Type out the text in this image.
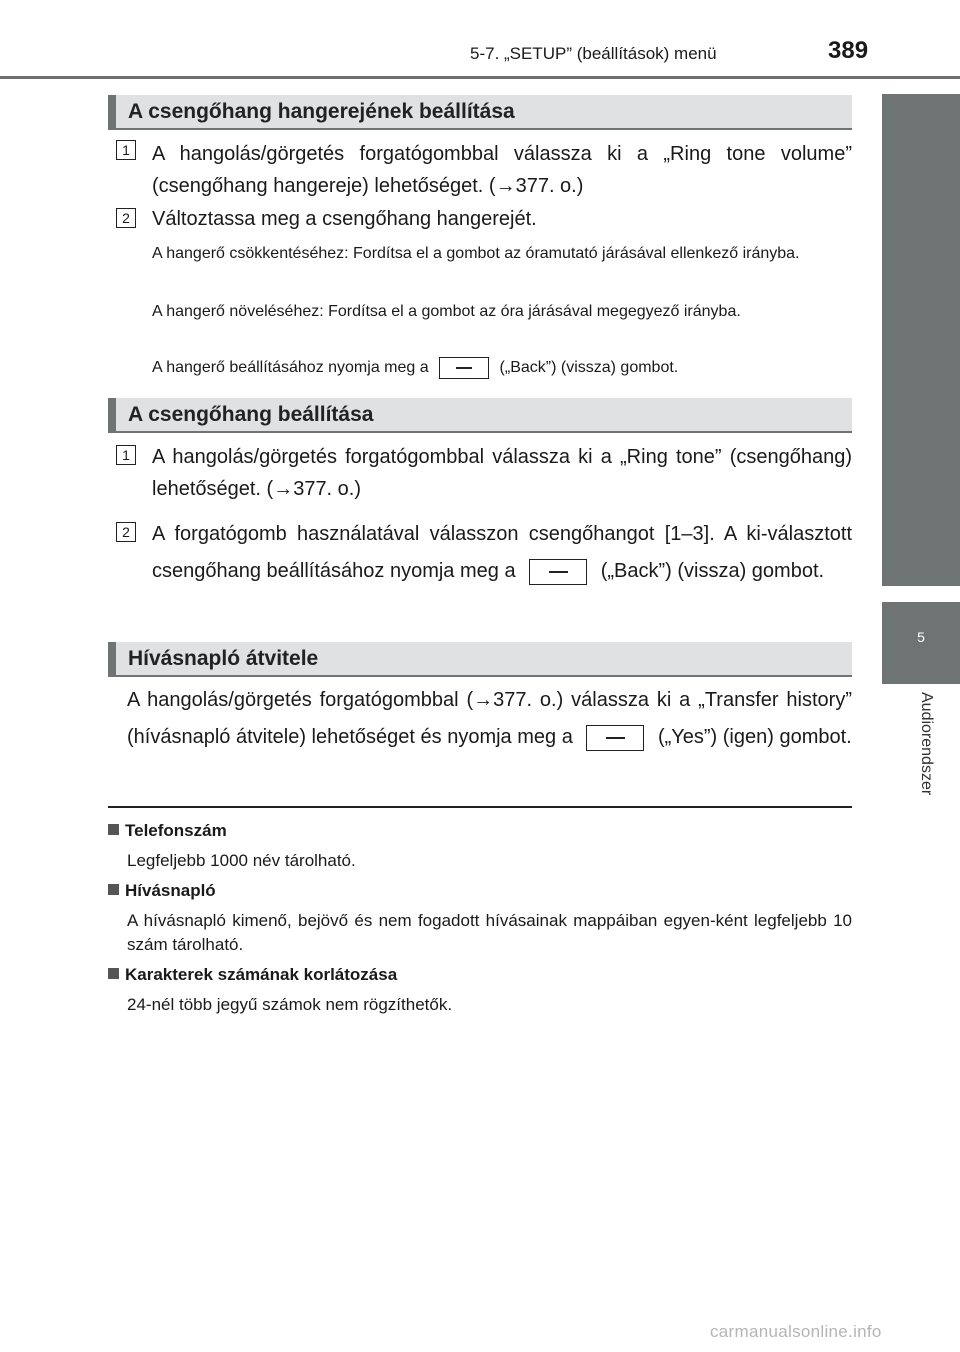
5-7. „SETUP” (beállítások) menü	389
5
Audiorendszer
A csengőhang hangerejének beállítása
1	A hangolás/görgetés forgatógombbal válassza ki a „Ring tone volume” (csengőhang hangereje) lehetőséget. (→377. o.)
2	Változtassa meg a csengőhang hangerejét.
A hangerő csökkentéséhez: Fordítsa el a gombot az óramutató járásával ellenkező irányba.
A hangerő növeléséhez: Fordítsa el a gombot az óra járásával megegyező irányba.
A hangerő beállításához nyomja meg a	(„Back”) (vissza) gombot.
A csengőhang beállítása
1	A hangolás/görgetés forgatógombbal válassza ki a „Ring tone” (csengőhang) lehetőséget. (→377. o.)
2	A forgatógomb használatával válasszon csengőhangot [1–3]. A ki-választott csengőhang beállításához nyomja meg a	(„Back”) (vissza) gombot.
Hívásnapló átvitele
A hangolás/görgetés forgatógombbal (→377. o.) válassza ki a „Transfer history” (hívásnapló átvitele) lehetőséget és nyomja meg a	(„Yes”) (igen) gombot.
Telefonszám
Legfeljebb 1000 név tárolható.
Hívásnapló
A hívásnapló kimenő, bejövő és nem fogadott hívásainak mappáiban egyen-ként legfeljebb 10 szám tárolható.
Karakterek számának korlátozása
24-nél több jegyű számok nem rögzíthetők.
carmanualsonline.info
